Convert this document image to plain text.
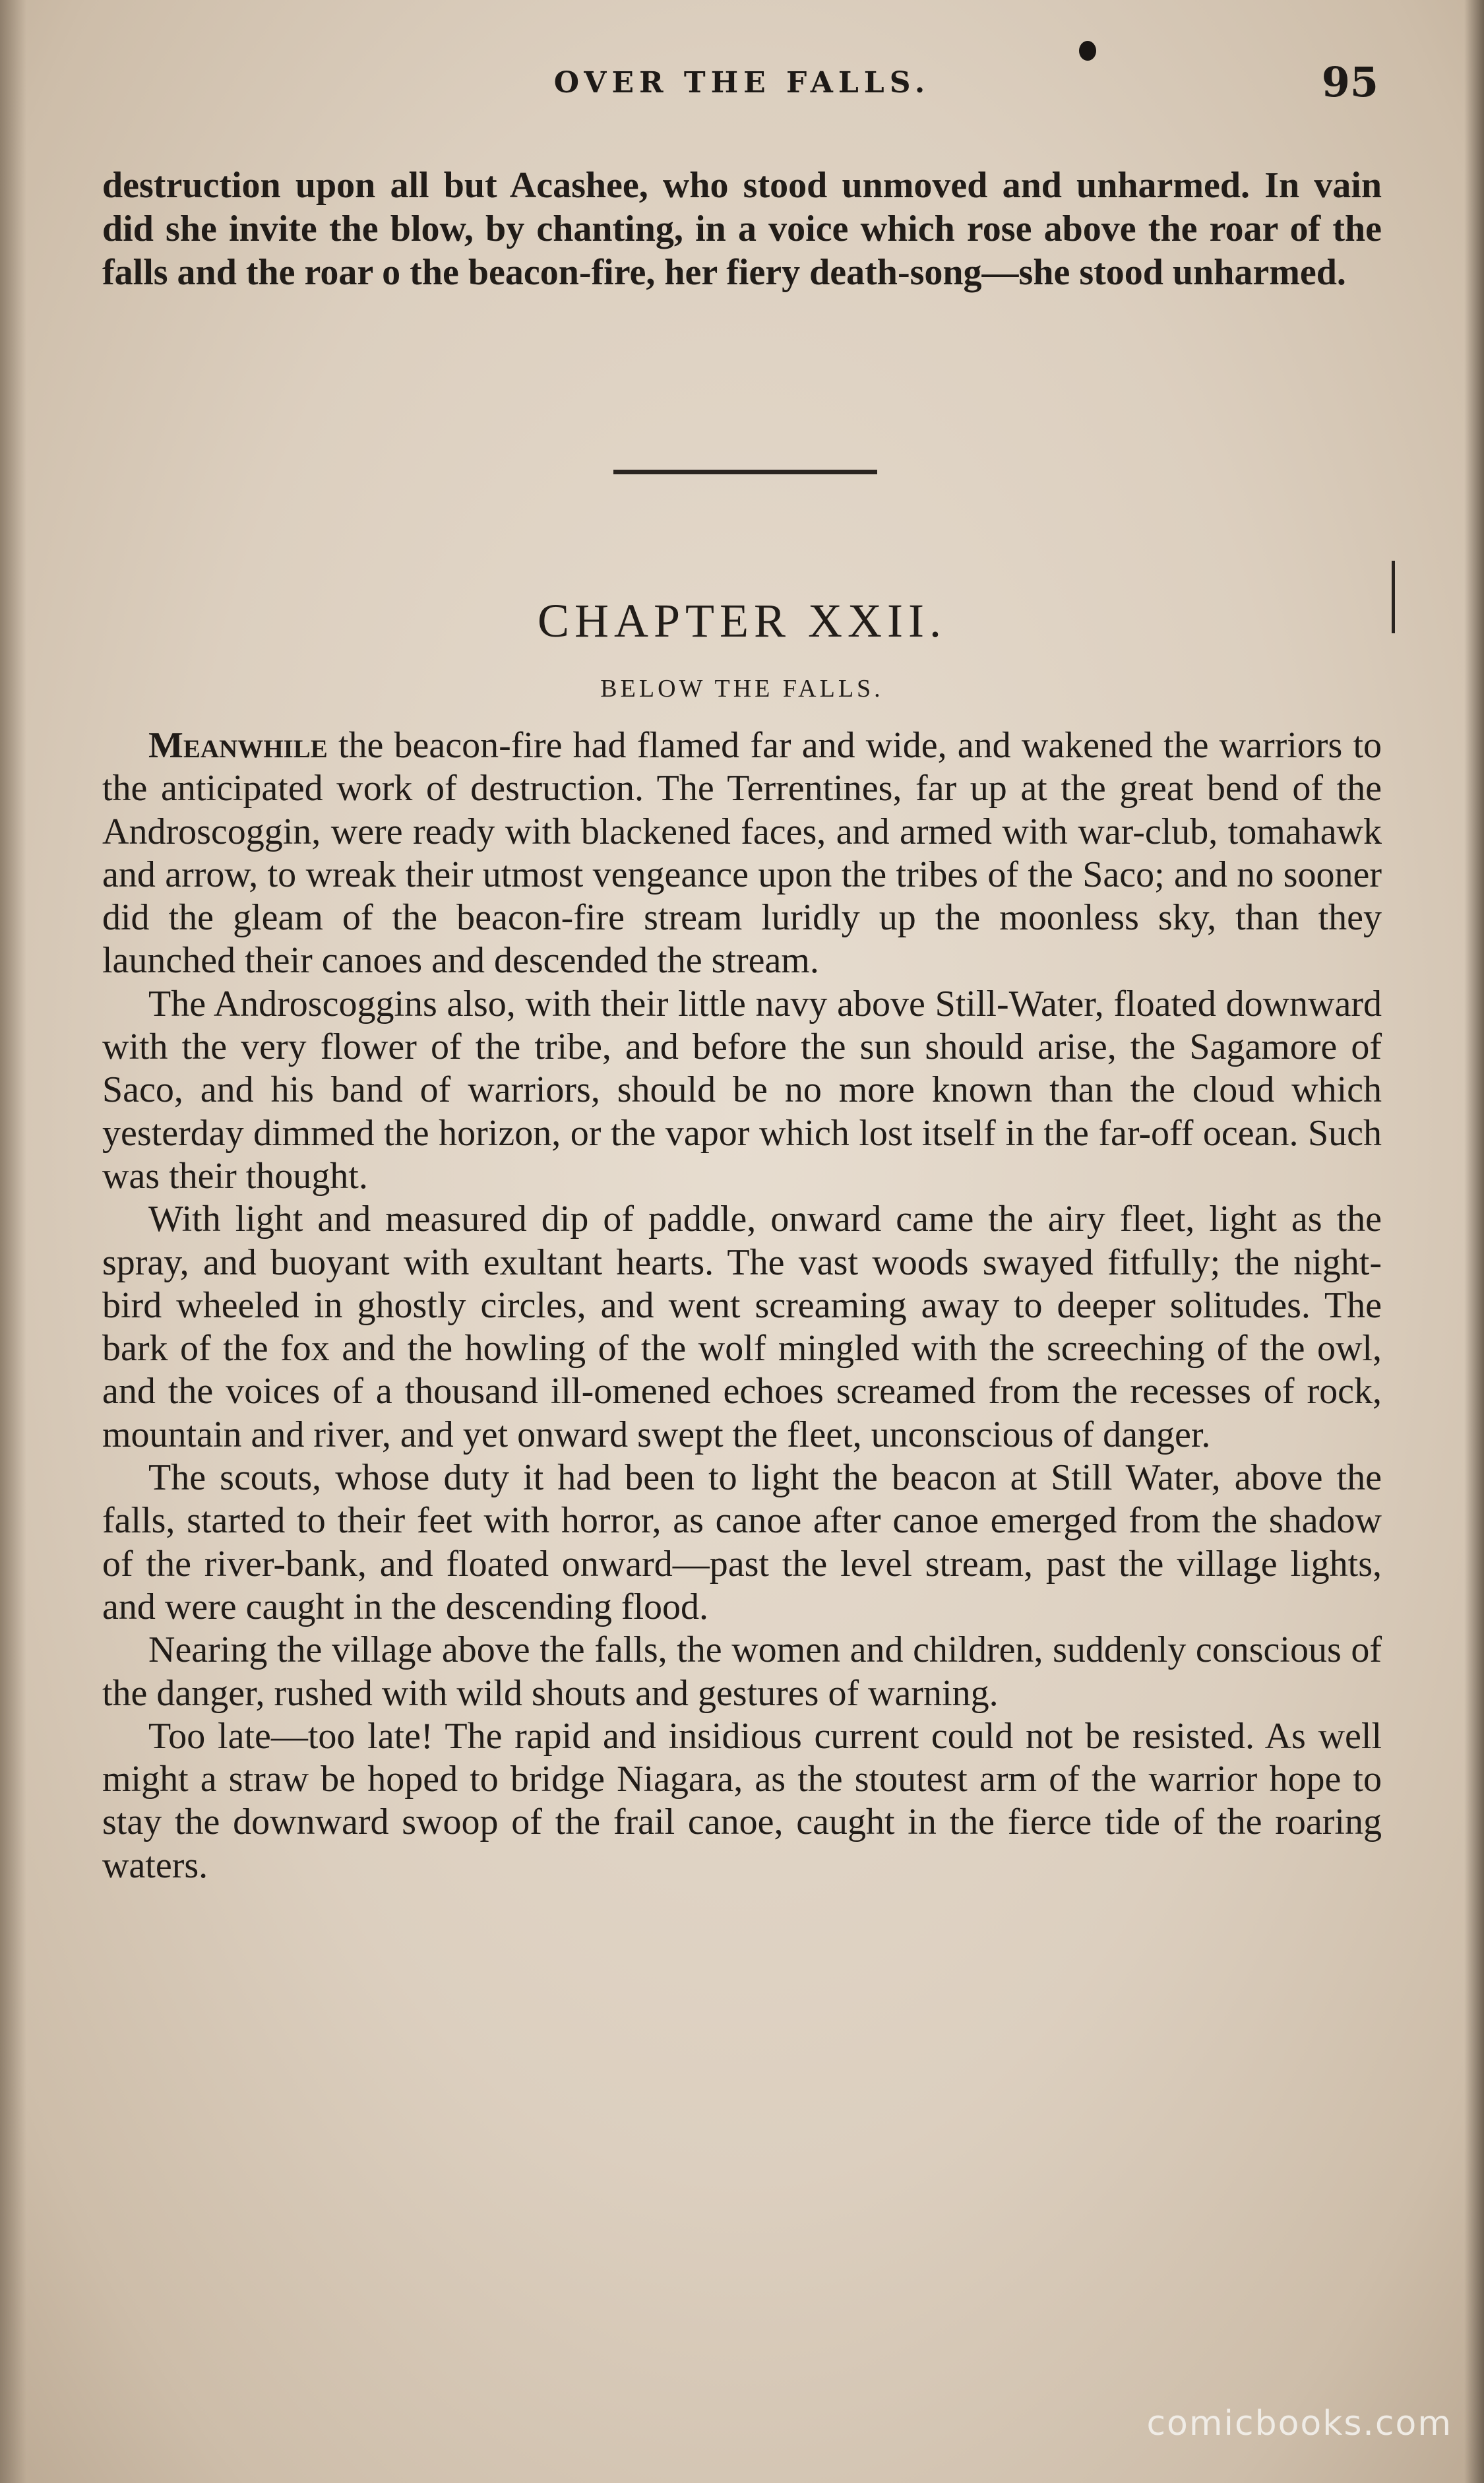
OVER THE FALLS.	95
destruction upon all but Acashee, who stood unmoved and unharmed. In vain did she invite the blow, by chanting, in a voice which rose above the roar of the falls and the roar o the beacon-fire, her fiery death-song—she stood unharmed.
CHAPTER XXII.
BELOW THE FALLS.

Meanwhile the beacon-fire had flamed far and wide, and wakened the warriors to the anticipated work of destruction. The Terrentines, far up at the great bend of the Androscoggin, were ready with blackened faces, and armed with war-club, tomahawk and arrow, to wreak their utmost vengeance upon the tribes of the Saco; and no sooner did the gleam of the beacon-fire stream luridly up the moonless sky, than they launched their canoes and descended the stream.

The Androscoggins also, with their little navy above Still-Water, floated downward with the very flower of the tribe, and before the sun should arise, the Sagamore of Saco, and his band of warriors, should be no more known than the cloud which yesterday dimmed the horizon, or the vapor which lost itself in the far-off ocean. Such was their thought.

With light and measured dip of paddle, onward came the airy fleet, light as the spray, and buoyant with exultant hearts. The vast woods swayed fitfully; the night-bird wheeled in ghostly circles, and went screaming away to deeper solitudes. The bark of the fox and the howling of the wolf mingled with the screeching of the owl, and the voices of a thousand ill-omened echoes screamed from the recesses of rock, mountain and river, and yet onward swept the fleet, unconscious of danger.

The scouts, whose duty it had been to light the beacon at Still Water, above the falls, started to their feet with horror, as canoe after canoe emerged from the shadow of the river-bank, and floated onward—past the level stream, past the village lights, and were caught in the descending flood.

Nearing the village above the falls, the women and children, suddenly conscious of the danger, rushed with wild shouts and gestures of warning.

Too late—too late! The rapid and insidious current could not be resisted. As well might a straw be hoped to bridge Niagara, as the stoutest arm of the warrior hope to stay the downward swoop of the frail canoe, caught in the fierce tide of the roaring waters.

comicbooks.com
